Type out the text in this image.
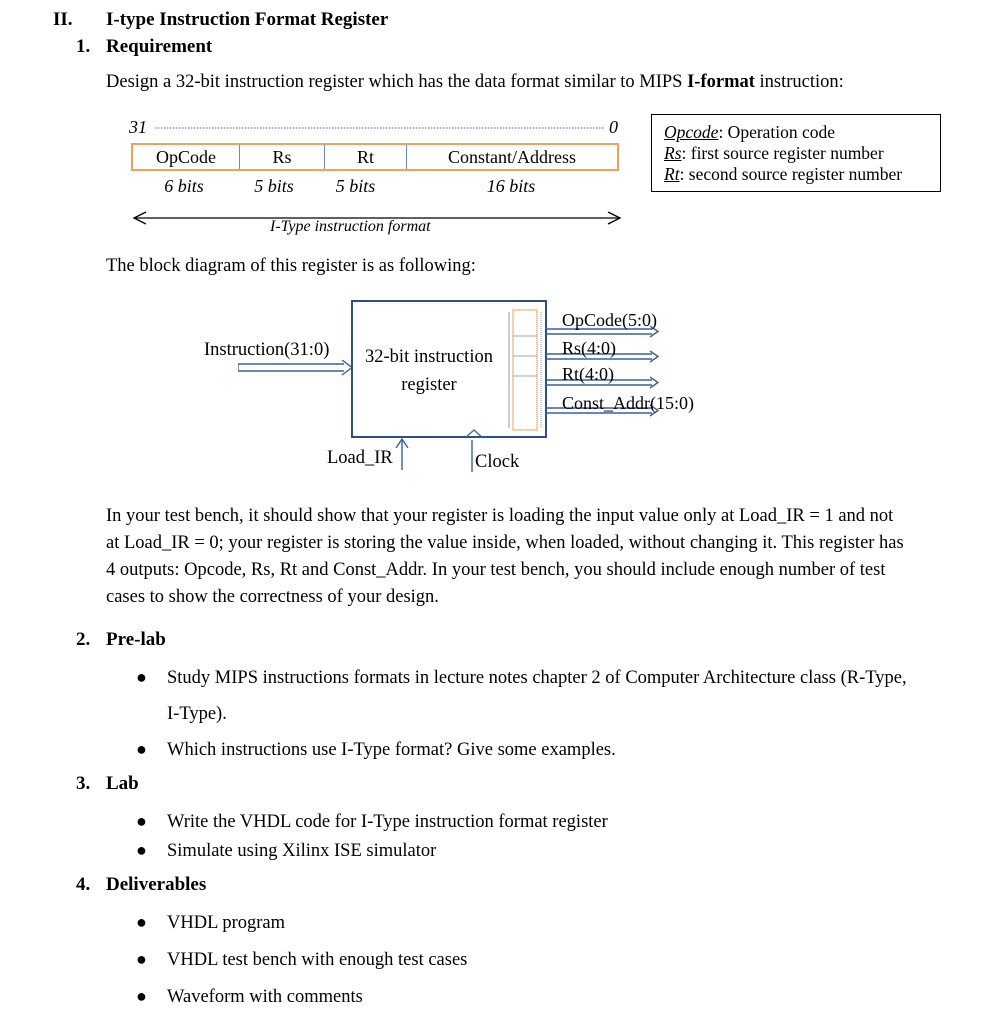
II. I-type Instruction Format Register
1. Requirement
Design a 32-bit instruction register which has the data format similar to MIPS I-format instruction:
31	0
OpCode	Rs	Rt	Constant/Address
6 bits	5 bits	5 bits	16 bits
I-Type instruction format
Opcode: Operation code
Rs: first source register number
Rt: second source register number
The block diagram of this register is as following:
Instruction(31:0)	32-bit instruction
register
OpCode(5:0)
Rs(4:0)
Rt(4:0)
Const_Addr(15:0)
Load_IR	Clock
In your test bench, it should show that your register is loading the input value only at Load_IR = 1 and not
at Load_IR = 0; your register is storing the value inside, when loaded, without changing it. This register has
4 outputs: Opcode, Rs, Rt and Const_Addr. In your test bench, you should include enough number of test
cases to show the correctness of your design.
2. Pre-lab
● Study MIPS instructions formats in lecture notes chapter 2 of Computer Architecture class (R-Type,
I-Type).
● Which instructions use I-Type format? Give some examples.
3. Lab
● Write the VHDL code for I-Type instruction format register
● Simulate using Xilinx ISE simulator
4. Deliverables
● VHDL program
● VHDL test bench with enough test cases
● Waveform with comments
